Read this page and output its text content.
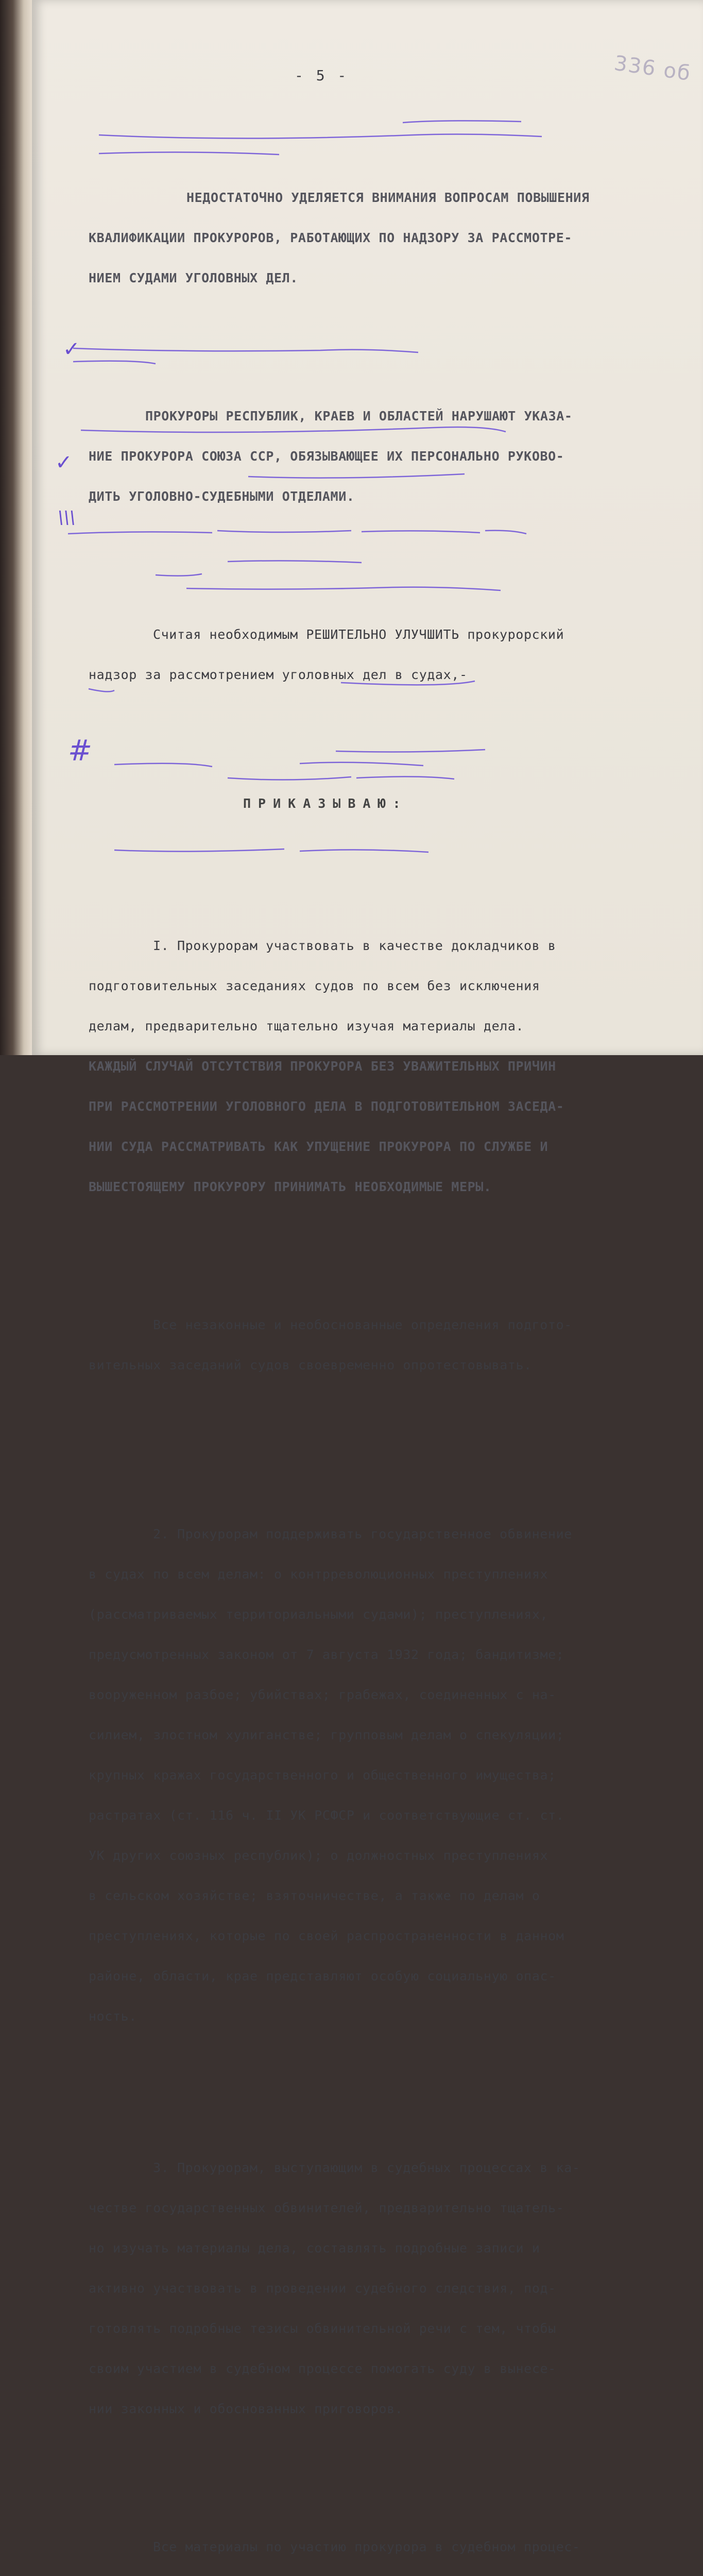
- 5 -	336 об
✓
✓
\\\
#

НЕДОСТАТОЧНО УДЕЛЯЕТСЯ ВНИМАНИЯ ВОПРОСАМ ПОВЫШЕНИЯ

КВАЛИФИКАЦИИ ПРОКУРОРОВ, РАБОТАЮЩИХ ПО НАДЗОРУ ЗА РАССМОТРЕ-

НИЕМ СУДАМИ УГОЛОВНЫХ ДЕЛ.

ПРОКУРОРЫ РЕСПУБЛИК, КРАЕВ И ОБЛАСТЕЙ НАРУШАЮТ УКАЗА-

НИЕ ПРОКУРОРА СОЮЗА ССР, ОБЯЗЫВАЮЩЕЕ ИХ ПЕРСОНАЛЬНО РУКОВО-

ДИТЬ УГОЛОВНО-СУДЕБНЫМИ ОТДЕЛАМИ.

Считая необходимым РЕШИТЕЛЬНО УЛУЧШИТЬ прокурорский

надзор за рассмотрением уголовных дел в судах,-

ПРИКАЗЫВАЮ:

I. Прокурорам участвовать в качестве докладчиков в

подготовительных заседаниях судов по всем без исключения

делам, предварительно тщательно изучая материалы дела.

КАЖДЫЙ СЛУЧАЙ ОТСУТСТВИЯ ПРОКУРОРА БЕЗ УВАЖИТЕЛЬНЫХ ПРИЧИН

ПРИ РАССМОТРЕНИИ УГОЛОВНОГО ДЕЛА В ПОДГОТОВИТЕЛЬНОМ ЗАСЕДА-

НИИ СУДА РАССМАТРИВАТЬ КАК УПУЩЕНИЕ ПРОКУРОРА ПО СЛУЖБЕ И

ВЫШЕСТОЯЩЕМУ ПРОКУРОРУ ПРИНИМАТЬ НЕОБХОДИМЫЕ МЕРЫ.

Все незаконные и необоснованные определения подгото-

вительных заседаний судов своевременно опротестовывать.

2. Прокурорам поддерживать государственное обвинение

в судах по всем делам: о контрреволюционных преступлениях

(рассматриваемых территориальными судами); преступлениях,

предусмотренных законом от 7 августа 1932 года; бандитизме;

вооруженном разбое; убийствах; грабежах, соединенных с на-

силием, злостном хулиганстве; групповым делам о спекуляции;

крупных кражах государственного и общественного имущества;

растратах (ст. 116 ч. II УК РСФСР и соответствующие ст. ст.

УК других союзных республик); о должностных преступлениях

в сельском хозяйстве; взяточничестве, а также по делам о

преступлениях, которые по своей распространенности в данном

районе, области, крае представляют особую социальную опас-

ность.

3. Прокурорам, выступающим в судебных процессах в ка-

честве государственных обвинителей, предварительно тщатель-

но изучать материалы дела, составлять подробные записи и

активно участвовать в проведении судебного следствия, под-

готовлять подробные тезисы обвинительной речи с тем, чтобы

своим участием в судебном процессе помогать суду в вынесе-

нии законных и обоснованных приговоров.

Все материалы по участию прокурора в судебном процес-
